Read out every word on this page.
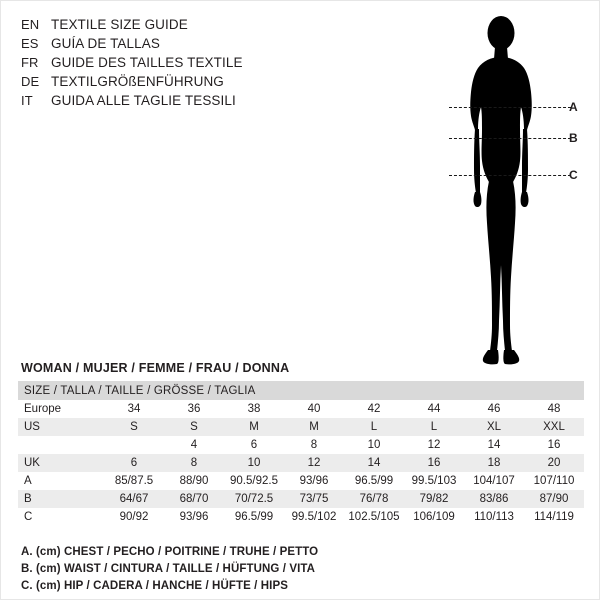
EN TEXTILE SIZE GUIDE
ES GUÍA DE TALLAS
FR GUIDE DES TAILLES TEXTILE
DE TEXTILGRÖßENFÜHRUNG
IT	GUIDA ALLE TAGLIE TESSILI	A
B
C
WOMAN / MUJER / FEMME / FRAU / DONNA
SIZE / TALLA / TAILLE / GRÖSSE / TAGLIA								
Europe	34	36	38	40	42	44	46	48
US	S	S	M	M	L	L	XL	XXL
		4	6	8	10	12	14	16
UK	6	8	10	12	14	16	18	20
A	85/87.5	88/90	90.5/92.5	93/96	96.5/99	99.5/103	104/107	107/110
B	64/67	68/70	70/72.5	73/75	76/78	79/82	83/86	87/90
C	90/92	93/96	96.5/99	99.5/102	102.5/105	106/109	110/113	114/119
A. (cm) CHEST / PECHO / POITRINE / TRUHE / PETTO
B. (cm) WAIST / CINTURA / TAILLE / HÜFTUNG / VITA
C. (cm) HIP / CADERA / HANCHE / HÜFTE / HIPS
